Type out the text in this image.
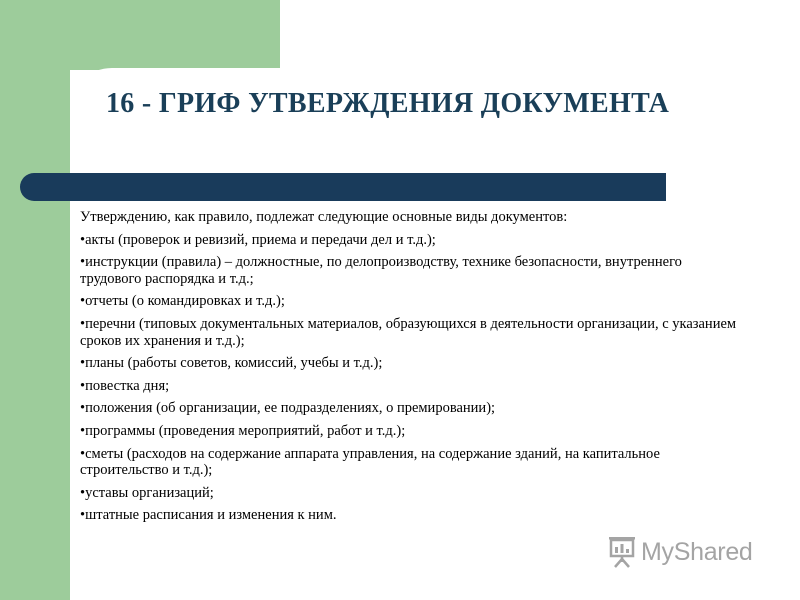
16 - ГРИФ УТВЕРЖДЕНИЯ ДОКУМЕНТА

Утверждению, как правило, подлежат следующие основные виды документов:

•акты (проверок и ревизий, приема и передачи дел и т.д.);

•инструкции (правила) – должностные, по делопроизводству, технике безопасности, внутреннего трудового распорядка и т.д.;

•отчеты (о командировках и т.д.);

•перечни (типовых документальных материалов, образующихся в деятельности организации, с указанием сроков их хранения и т.д.);

•планы (работы советов, комиссий, учебы и т.д.);

•повестка дня;

•положения (об организации, ее подразделениях, о премировании);

•программы (проведения мероприятий, работ и т.д.);

•сметы (расходов на содержание аппарата управления, на содержание зданий, на капитальное строительство и т.д.);

•уставы организаций;

•штатные расписания и изменения к ним.

MyShared
